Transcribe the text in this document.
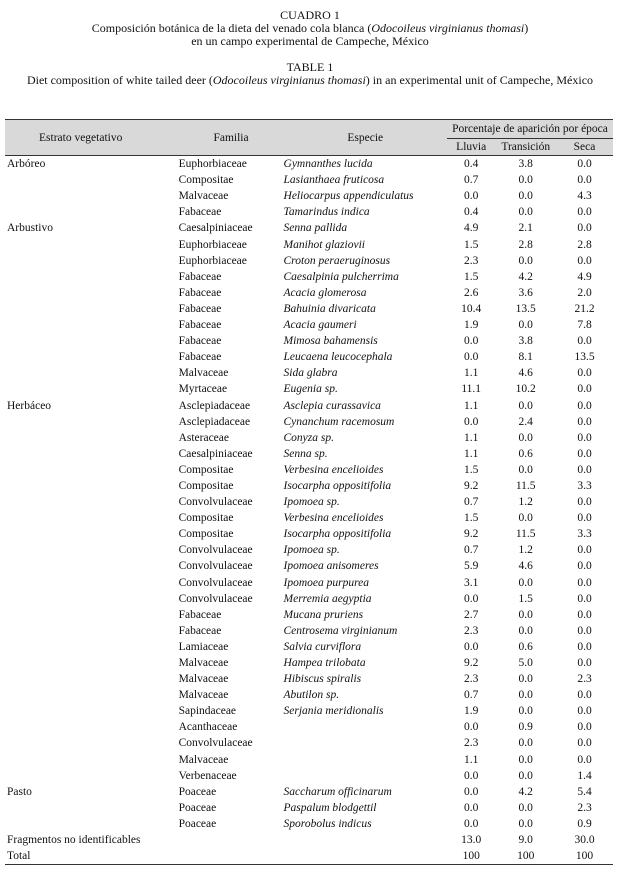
CUADRO 1
Composición botánica de la dieta del venado cola blanca (Odocoileus virginianus thomasi)
en un campo experimental de Campeche, México
TABLE 1
Diet composition of white tailed deer (Odocoileus virginianus thomasi) in an experimental unit of Campeche, México
Estrato vegetativo	Familia	Especie	Porcentaje de aparición por época		
			Lluvia	Transición	Seca
Arbóreo	Euphorbiaceae	Gymnanthes lucida	0.4	3.8	0.0
	Compositae	Lasianthaea fruticosa	0.7	0.0	0.0
	Malvaceae	Heliocarpus appendiculatus	0.0	0.0	4.3
	Fabaceae	Tamarindus indica	0.4	0.0	0.0
Arbustivo	Caesalpiniaceae	Senna pallida	4.9	2.1	0.0
	Euphorbiaceae	Manihot glaziovii	1.5	2.8	2.8
	Euphorbiaceae	Croton peraeruginosus	2.3	0.0	0.0
	Fabaceae	Caesalpinia pulcherrima	1.5	4.2	4.9
	Fabaceae	Acacia glomerosa	2.6	3.6	2.0
	Fabaceae	Bahuinia divaricata	10.4	13.5	21.2
	Fabaceae	Acacia gaumeri	1.9	0.0	7.8
	Fabaceae	Mimosa bahamensis	0.0	3.8	0.0
	Fabaceae	Leucaena leucocephala	0.0	8.1	13.5
	Malvaceae	Sida glabra	1.1	4.6	0.0
	Myrtaceae	Eugenia sp.	11.1	10.2	0.0
Herbáceo	Asclepiadaceae	Asclepia curassavica	1.1	0.0	0.0
	Asclepiadaceae	Cynanchum racemosum	0.0	2.4	0.0
	Asteraceae	Conyza sp.	1.1	0.0	0.0
	Caesalpiniaceae	Senna sp.	1.1	0.6	0.0
	Compositae	Verbesina encelioides	1.5	0.0	0.0
	Compositae	Isocarpha oppositifolia	9.2	11.5	3.3
	Convolvulaceae	Ipomoea sp.	0.7	1.2	0.0
	Compositae	Verbesina encelioides	1.5	0.0	0.0
	Compositae	Isocarpha oppositifolia	9.2	11.5	3.3
	Convolvulaceae	Ipomoea sp.	0.7	1.2	0.0
	Convolvulaceae	Ipomoea anisomeres	5.9	4.6	0.0
	Convolvulaceae	Ipomoea purpurea	3.1	0.0	0.0
	Convolvulaceae	Merremia aegyptia	0.0	1.5	0.0
	Fabaceae	Mucana pruriens	2.7	0.0	0.0
	Fabaceae	Centrosema virginianum	2.3	0.0	0.0
	Lamiaceae	Salvia curviflora	0.0	0.6	0.0
	Malvaceae	Hampea trilobata	9.2	5.0	0.0
	Malvaceae	Hibiscus spiralis	2.3	0.0	2.3
	Malvaceae	Abutilon sp.	0.7	0.0	0.0
	Sapindaceae	Serjania meridionalis	1.9	0.0	0.0
	Acanthaceae		0.0	0.9	0.0
	Convolvulaceae		2.3	0.0	0.0
	Malvaceae		1.1	0.0	0.0
	Verbenaceae		0.0	0.0	1.4
Pasto	Poaceae	Saccharum officinarum	0.0	4.2	5.4
	Poaceae	Paspalum blodgettil	0.0	0.0	2.3
	Poaceae	Sporobolus indicus	0.0	0.0	0.9
Fragmentos no identificables			13.0	9.0	30.0
Total			100	100	100
